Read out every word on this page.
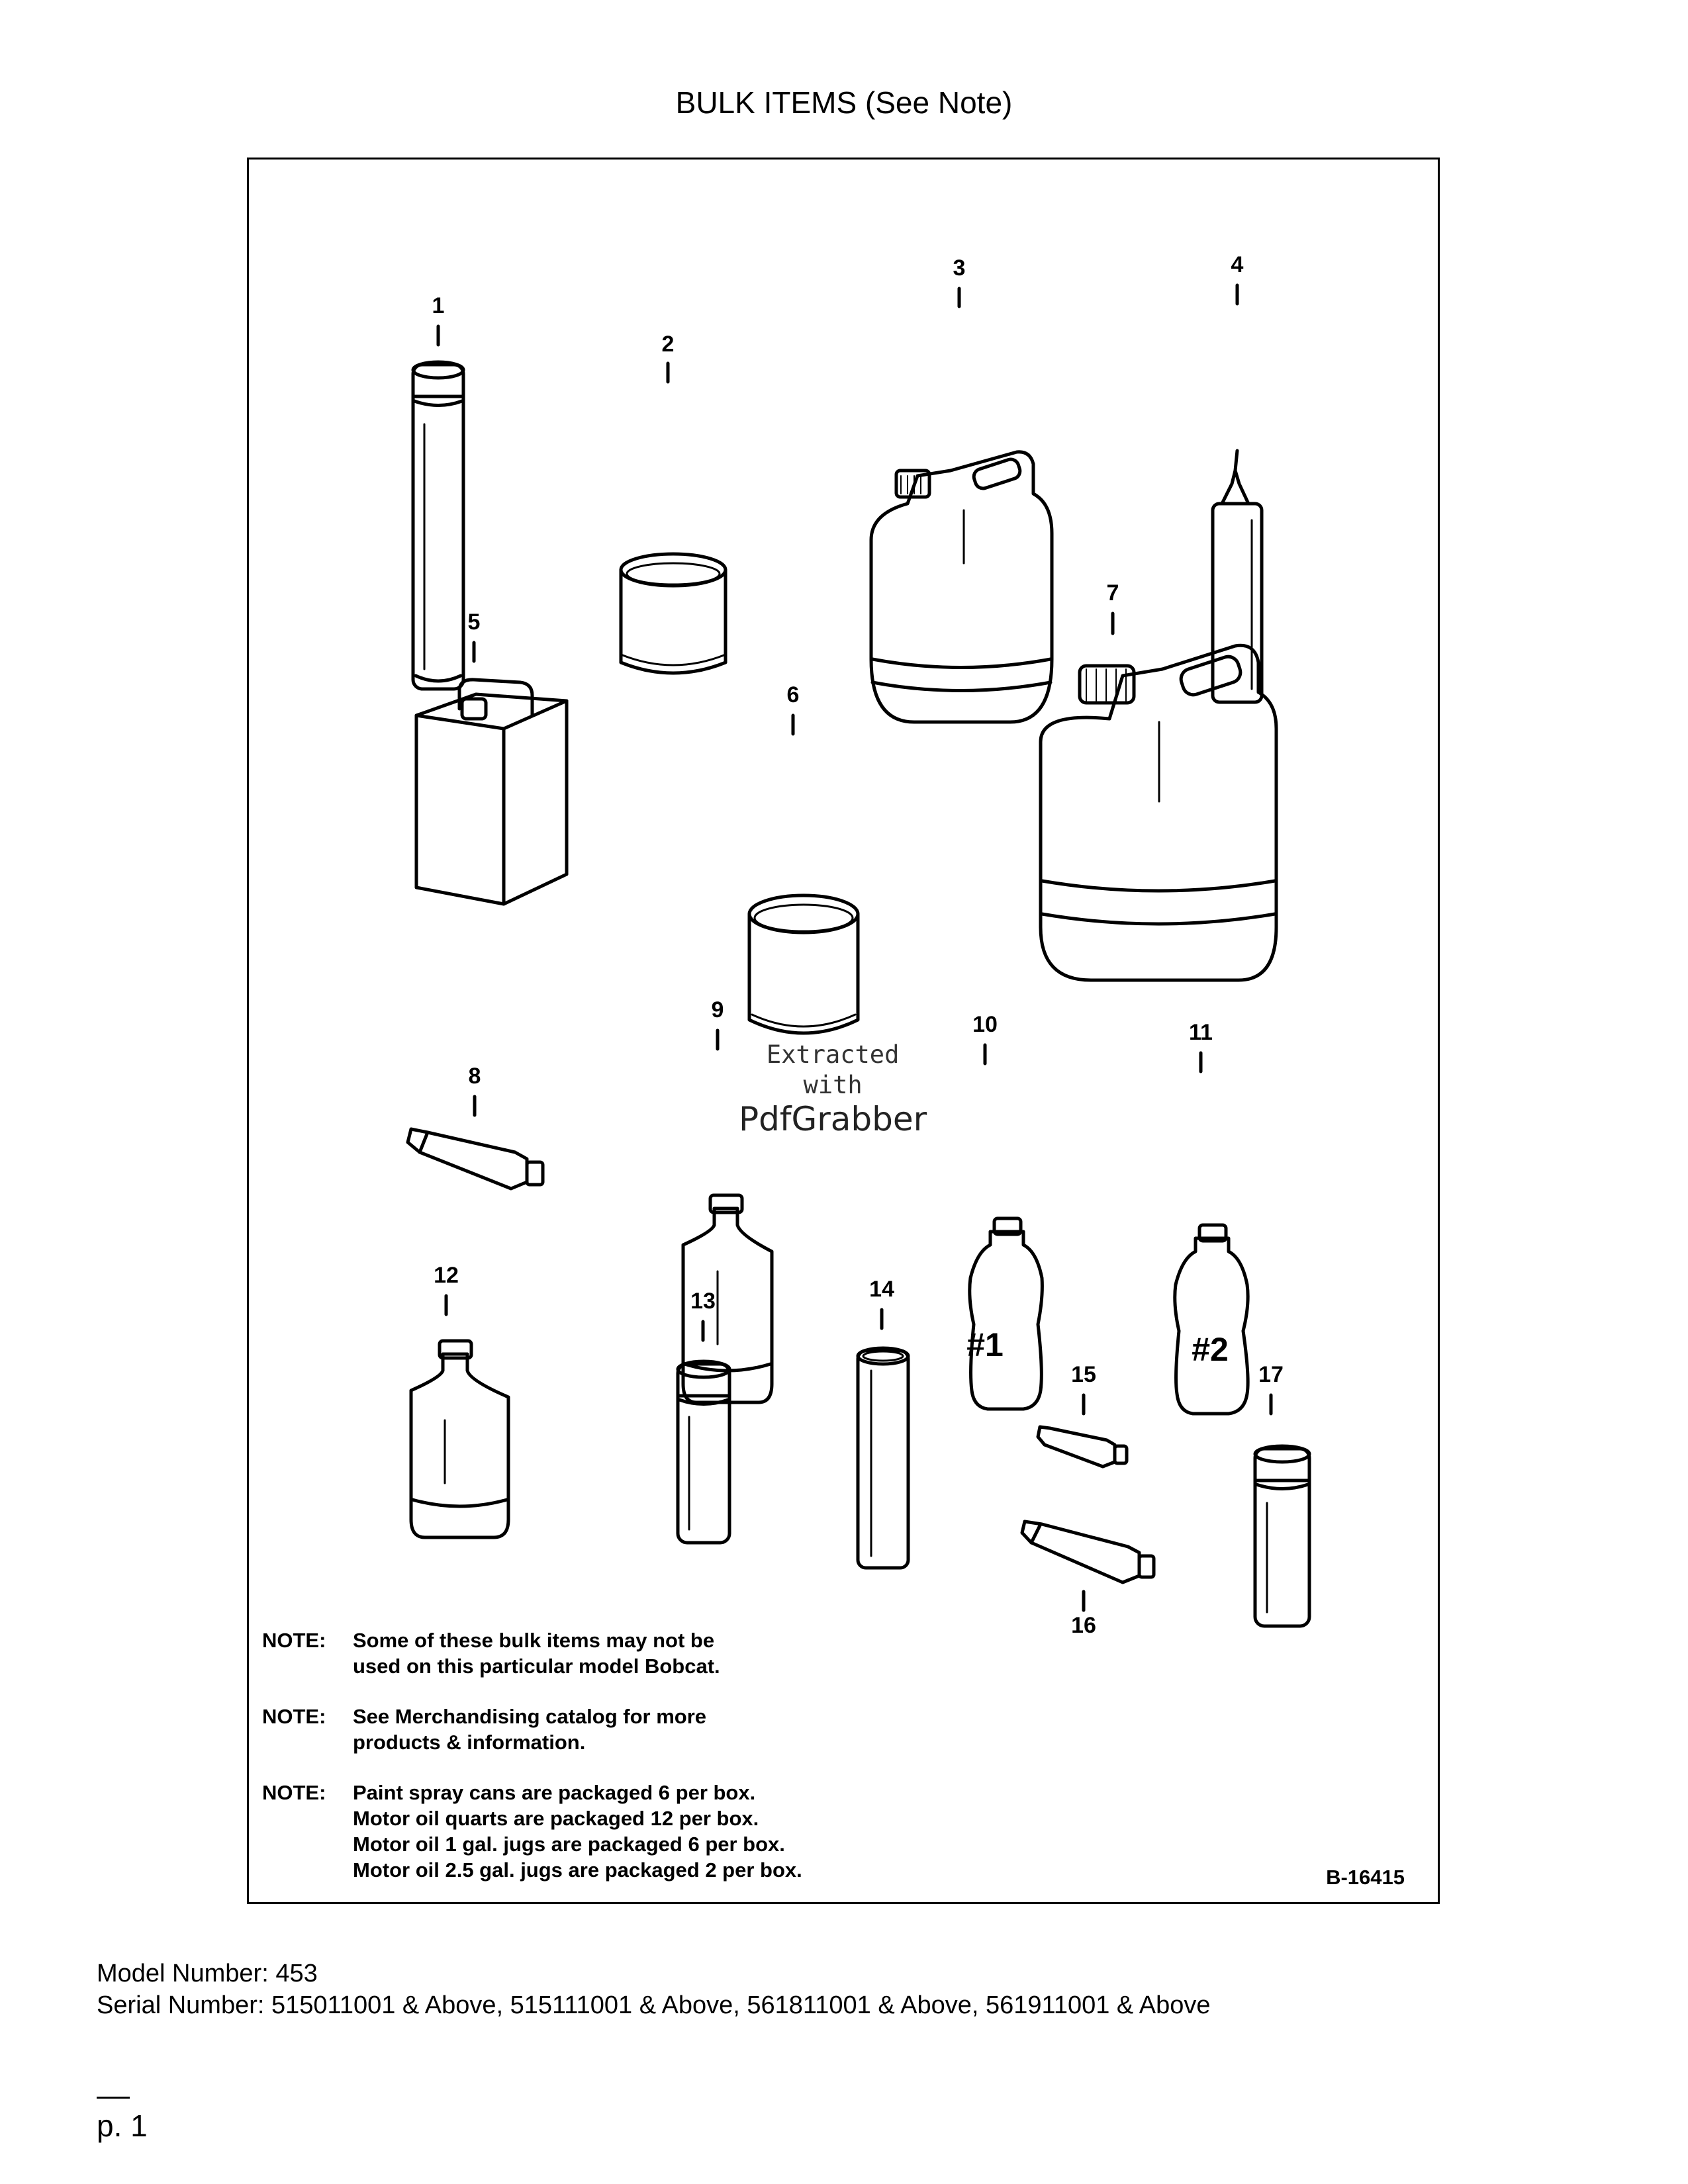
BULK ITEMS (See Note)
1
2
3	4
5
6
7
8
9
10	11
12
13	14
15
16
17
#1	#2
Extracted
with
PdfGrabber
NOTE:	Some of these bulk items may not be
used on this particular model Bobcat.
NOTE:	See Merchandising catalog for more
products & information.
NOTE:	Paint spray cans are packaged 6 per box.
Motor oil quarts are packaged 12 per box.
Motor oil 1 gal. jugs are packaged 6 per box.
Motor oil 2.5 gal. jugs are packaged 2 per box.	B-16415
Model Number: 453
Serial Number: 515011001 & Above, 515111001 & Above, 561811001 & Above, 561911001 & Above
p. 1
